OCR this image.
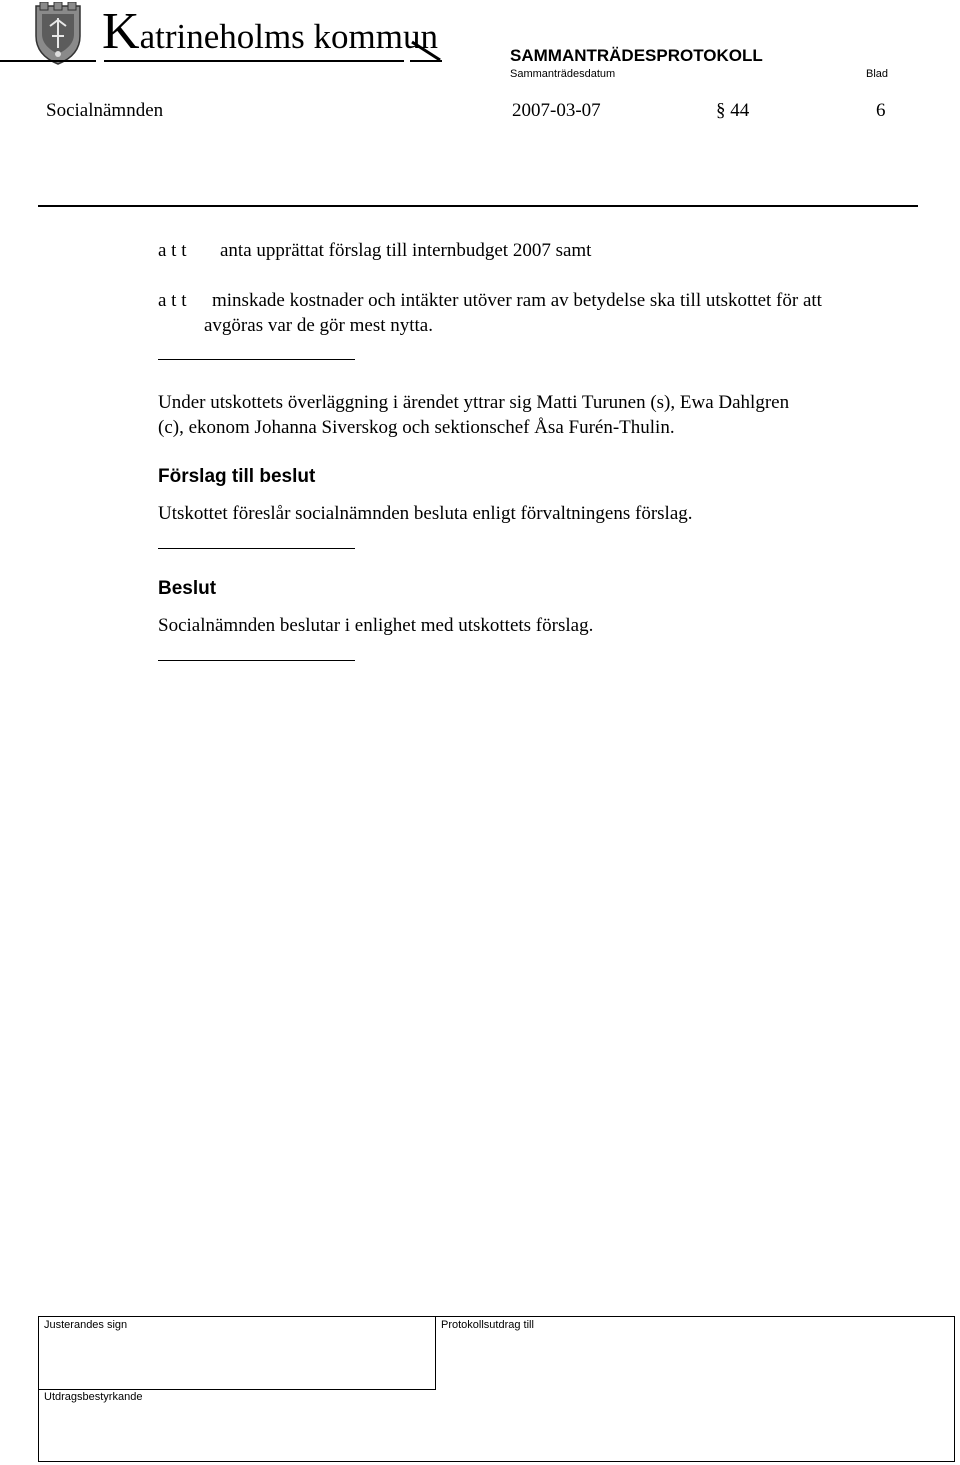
Katrineholms kommun	SAMMANTRÄDESPROTOKOLL
Sammanträdesdatum	Blad
Socialnämnden	2007-03-07	§ 44	6
a t t anta upprättat förslag till internbudget 2007 samt
a t t minskade kostnader och intäkter utöver ram av betydelse ska till utskottet för att
avgöras var de gör mest nytta.
Under utskottets överläggning i ärendet yttrar sig Matti Turunen (s), Ewa Dahlgren
(c), ekonom Johanna Siverskog och sektionschef Åsa Furén-Thulin.
Förslag till beslut
Utskottet föreslår socialnämnden besluta enligt förvaltningens förslag.
Beslut
Socialnämnden beslutar i enlighet med utskottets förslag.
Justerandes sign	Protokollsutdrag till
Utdragsbestyrkande
